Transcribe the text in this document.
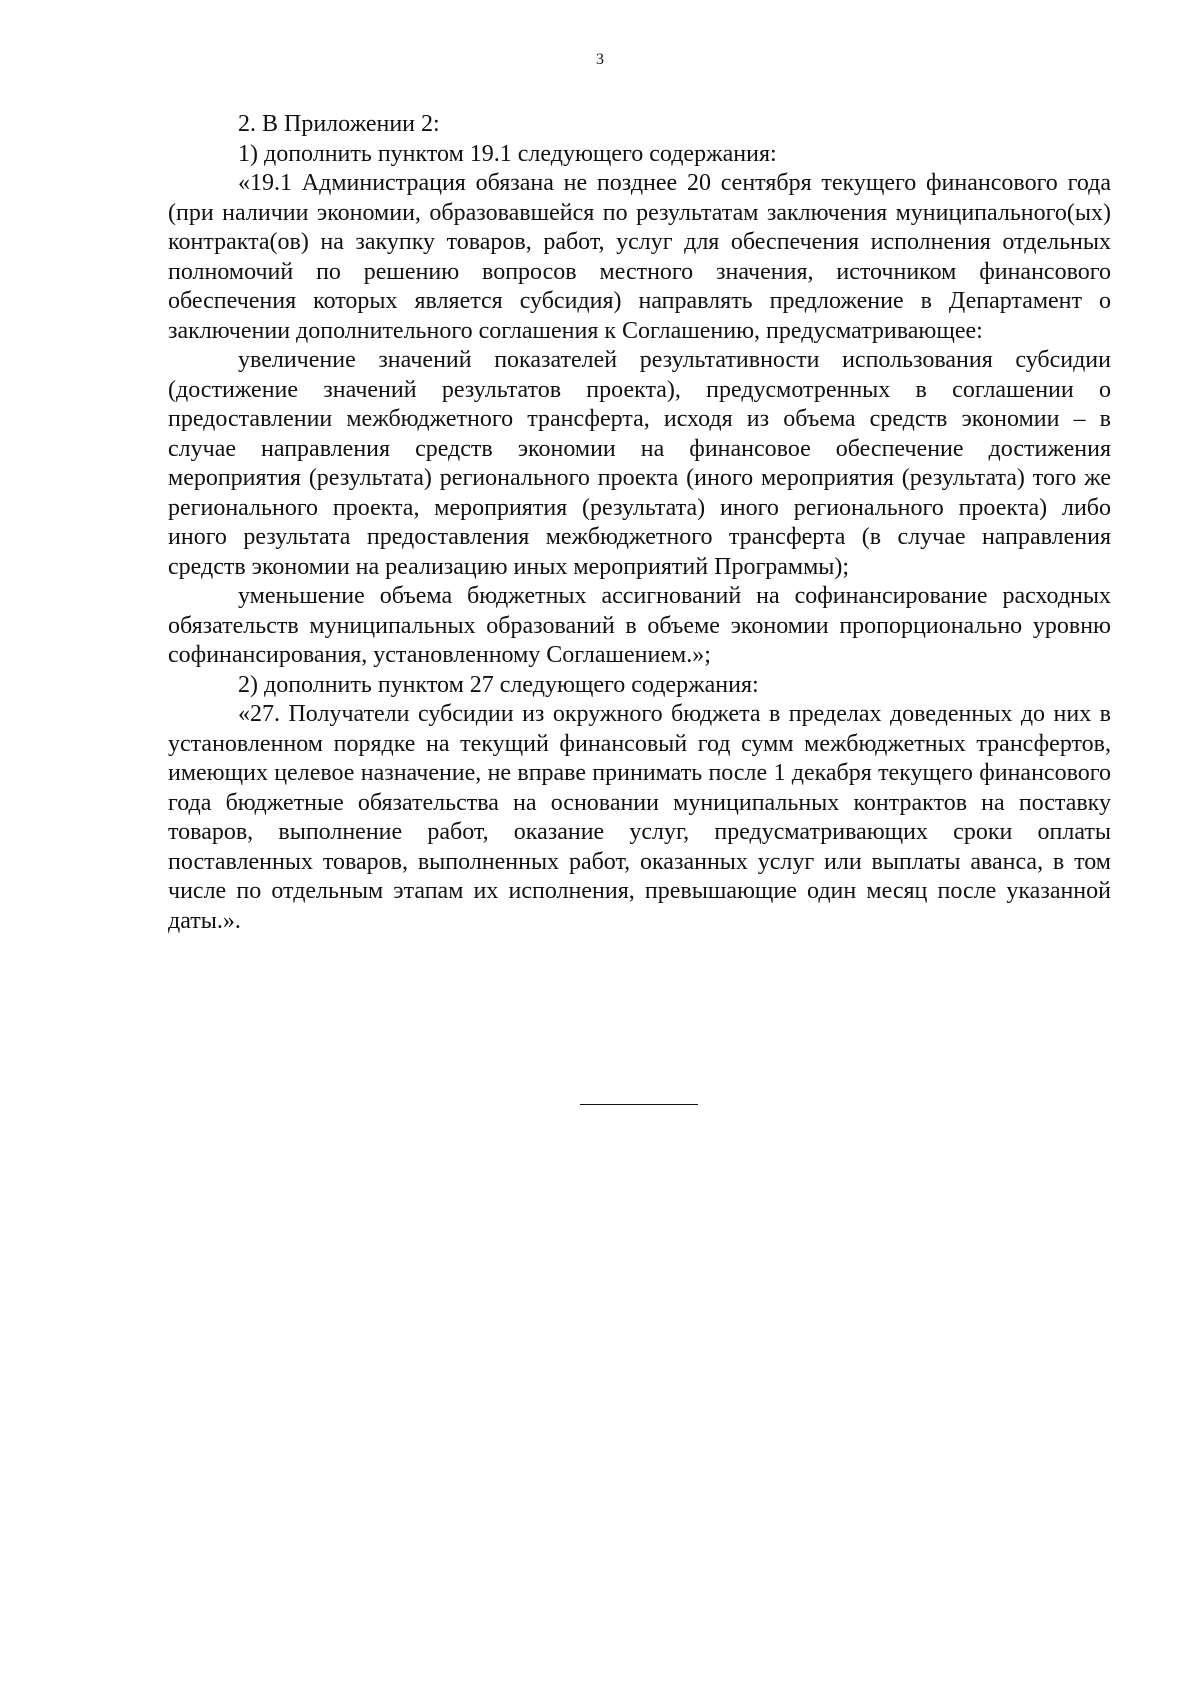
3

2. В Приложении 2:

1) дополнить пунктом 19.1 следующего содержания:

«19.1 Администрация обязана не позднее 20 сентября текущего финансового года (при наличии экономии, образовавшейся по результатам заключения муниципального(ых) контракта(ов) на закупку товаров, работ, услуг для обеспечения исполнения отдельных полномочий по решению вопросов местного значения, источником финансового обеспечения которых является субсидия) направлять предложение в Департамент о заключении дополнительного соглашения к Соглашению, предусматривающее:

увеличение значений показателей результативности использования субсидии (достижение значений результатов проекта), предусмотренных в соглашении о предоставлении межбюджетного трансферта, исходя из объема средств экономии – в случае направления средств экономии на финансовое обеспечение достижения мероприятия (результата) регионального проекта (иного мероприятия (результата) того же регионального проекта, мероприятия (результата) иного регионального проекта) либо иного результата предоставления межбюджетного трансферта (в случае направления средств экономии на реализацию иных мероприятий Программы);

уменьшение объема бюджетных ассигнований на софинансирование расходных обязательств муниципальных образований в объеме экономии пропорционально уровню софинансирования, установленному Соглашением.»;

2) дополнить пунктом 27 следующего содержания:

«27. Получатели субсидии из окружного бюджета в пределах доведенных до них в установленном порядке на текущий финансовый год сумм межбюджетных трансфертов, имеющих целевое назначение, не вправе принимать после 1 декабря текущего финансового года бюджетные обязательства на основании муниципальных контрактов на поставку товаров, выполнение работ, оказание услуг, предусматривающих сроки оплаты поставленных товаров, выполненных работ, оказанных услуг или выплаты аванса, в том числе по отдельным этапам их исполнения, превышающие один месяц после указанной даты.».
